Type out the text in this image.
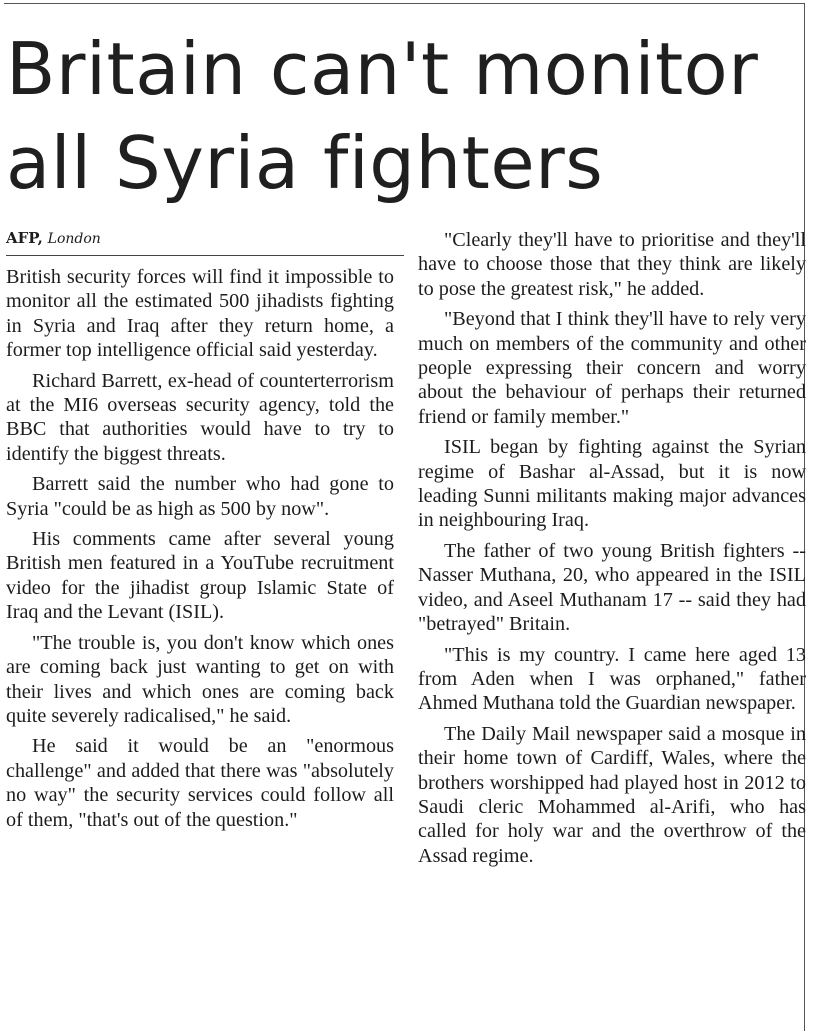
Britain can't monitor
all Syria fighters
AFP, London

British security forces will find it impossible to monitor all the estimated 500 jihadists fighting in Syria and Iraq after they return home, a former top intelligence official said yesterday.

Richard Barrett, ex-head of counterterrorism at the MI6 overseas security agency, told the BBC that authorities would have to try to identify the biggest threats.

Barrett said the number who had gone to Syria "could be as high as 500 by now".

His comments came after several young British men featured in a YouTube recruitment video for the jihadist group Islamic State of Iraq and the Levant (ISIL).

"The trouble is, you don't know which ones are coming back just wanting to get on with their lives and which ones are coming back quite severely radicalised," he said.

He said it would be an "enormous challenge" and added that there was "absolutely no way" the security services could follow all of them, "that's out of the question."

"Clearly they'll have to prioritise and they'll have to choose those that they think are likely to pose the greatest risk," he added.

"Beyond that I think they'll have to rely very much on members of the community and other people expressing their concern and worry about the behaviour of perhaps their returned friend or family member."

ISIL began by fighting against the Syrian regime of Bashar al-Assad, but it is now leading Sunni militants making major advances in neighbouring Iraq.

The father of two young British fighters -- Nasser Muthana, 20, who appeared in the ISIL video, and Aseel Muthanam 17 -- said they had "betrayed" Britain.

"This is my country. I came here aged 13 from Aden when I was orphaned," father Ahmed Muthana told the Guardian newspaper.

The Daily Mail newspaper said a mosque in their home town of Cardiff, Wales, where the brothers worshipped had played host in 2012 to Saudi cleric Mohammed al-Arifi, who has called for holy war and the overthrow of the Assad regime.
